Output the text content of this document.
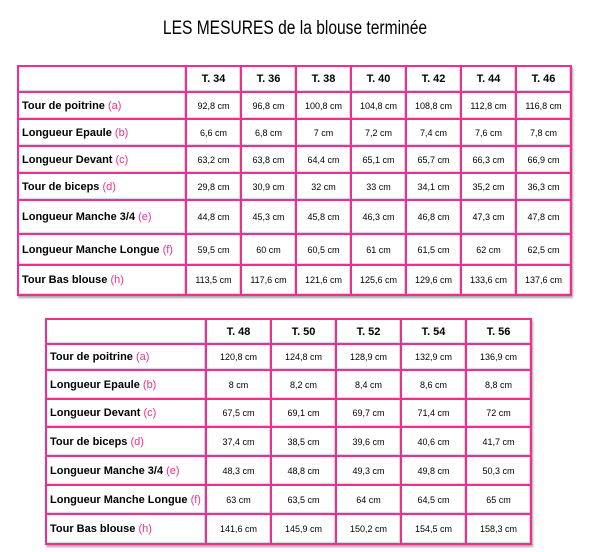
LES MESURES de la blouse terminée
	T. 34	T. 36	T. 38	T. 40	T. 42	T. 44	T. 46
Tour de poitrine (a)	92,8 cm	96,8 cm	100,8 cm	104,8 cm	108,8 cm	112,8 cm	116,8 cm
Longueur Epaule (b)	6,6 cm	6,8 cm	7 cm	7,2 cm	7,4 cm	7,6 cm	7,8 cm
Longueur Devant (c)	63,2 cm	63,8 cm	64,4 cm	65,1 cm	65,7 cm	66,3 cm	66,9 cm
Tour de biceps (d)	29,8 cm	30,9 cm	32 cm	33 cm	34,1 cm	35,2 cm	36,3 cm
Longueur Manche 3/4 (e)	44,8 cm	45,3 cm	45,8 cm	46,3 cm	46,8 cm	47,3 cm	47,8 cm
Longueur Manche Longue (f)	59,5 cm	60 cm	60,5 cm	61 cm	61,5 cm	62 cm	62,5 cm
Tour Bas blouse (h)	113,5 cm	117,6 cm	121,6 cm	125,6 cm	129,6 cm	133,6 cm	137,6 cm
	T. 48	T. 50	T. 52	T. 54	T. 56
Tour de poitrine (a)	120,8 cm	124,8 cm	128,9 cm	132,9 cm	136,9 cm
Longueur Epaule (b)	8 cm	8,2 cm	8,4 cm	8,6 cm	8,8 cm
Longueur Devant (c)	67,5 cm	69,1 cm	69,7 cm	71,4 cm	72 cm
Tour de biceps (d)	37,4 cm	38,5 cm	39,6 cm	40,6 cm	41,7 cm
Longueur Manche 3/4 (e)	48,3 cm	48,8 cm	49,3 cm	49,8 cm	50,3 cm
Longueur Manche Longue (f)	63 cm	63,5 cm	64 cm	64,5 cm	65 cm
Tour Bas blouse (h)	141,6 cm	145,9 cm	150,2 cm	154,5 cm	158,3 cm
